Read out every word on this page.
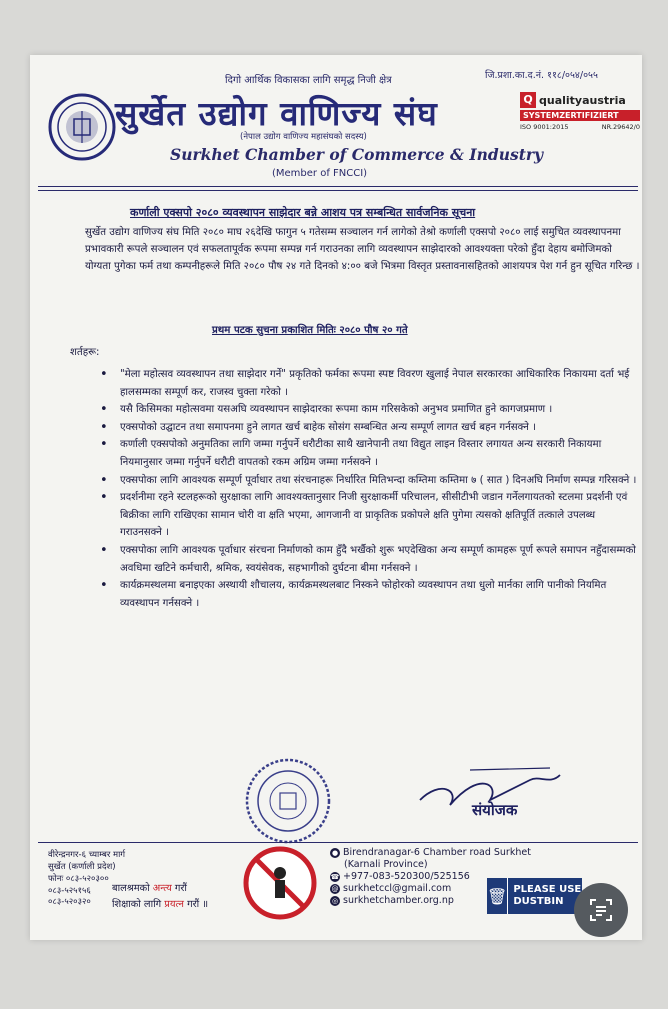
दिगो आर्थिक विकासका लागि समृद्ध निजी क्षेत्र	जि.प्रशा.का.द.नं. ११८/०५४/०५५
सुर्खेत उद्योग वाणिज्य संघ
(नेपाल उद्योग वाणिज्य महासंघको सदस्य)
Surkhet Chamber of Commerce & Industry
(Member of FNCCI)
Q qualityaustria
SYSTEMZERTIFIZIERT
ISO 9001:2015	NR.29642/0
कर्णाली एक्सपो २०८० व्यवस्थापन साझेदार बन्ने आशय पत्र सम्बन्धित सार्वजनिक सूचना
सुर्खेत उद्योग वाणिज्य संघ मिति २०८० माघ २६देखि फागुन ५ गतेसम्म सञ्चालन गर्न लागेको तेश्रो कर्णाली एक्सपो २०८० लाई समुचित व्यवस्थापनमा प्रभावकारी रूपले सञ्चालन एवं सफलतापूर्वक रूपमा सम्पन्न गर्न गराउनका लागि व्यवस्थापन साझेदारको आवश्यक्ता परेको हुँदा देहाय बमोजिमको योग्यता पुगेका फर्म तथा कम्पनीहरूले मिति २०८० पौष २४ गते दिनको ४:०० बजे भित्रमा विस्तृत प्रस्तावनासहितको आशयपत्र पेश गर्न हुन सूचित गरिन्छ ।
प्रथम पटक सुचना प्रकाशित मितिः २०८० पौष २० गते
शर्तहरू:
• "मेला महोत्सव व्यवस्थापन तथा साझेदार गर्ने" प्रकृतिको फर्मका रूपमा स्पष्ट विवरण खुलाई नेपाल सरकारका आधिकारिक निकायमा दर्ता भई हालसम्मका सम्पूर्ण कर, राजस्व चुक्ता गरेको ।
• यसै किसिमका महोत्सवमा यसअघि व्यवस्थापन साझेदारका रूपमा काम गरिसकेको अनुभव प्रमाणित हुने कागजप्रमाण ।
• एक्सपोको उद्घाटन तथा समापनमा हुने लागत खर्च बाहेक सोसंग सम्बन्धित अन्य सम्पूर्ण लागत खर्च बहन गर्नसक्ने ।
• कर्णाली एक्सपोको अनुमतिका लागि जम्मा गर्नुपर्ने धरौटीका साथै खानेपानी तथा विद्युत लाइन विस्तार लगायत अन्य सरकारी निकायमा नियमानुसार जम्मा गर्नुपर्ने धरौटी वापतको रकम अग्रिम जम्मा गर्नसक्ने ।
• एक्सपोका लागि आवश्यक सम्पूर्ण पूर्वाधार तथा संरचनाहरू निर्धारित मितिभन्दा कम्तिमा कम्तिमा ७ ( सात ) दिनअघि निर्माण सम्पन्न गरिसक्ने ।
• प्रदर्शनीमा रहने स्टलहरूको सुरक्षाका लागि आवश्यक्तानुसार निजी सुरक्षाकर्मी परिचालन, सीसीटीभी जडान गर्नेलगायतको स्टलमा प्रदर्शनी एवं बिक्रीका लागि राखिएका सामान चोरी वा क्षति भएमा, आगजानी वा प्राकृतिक प्रकोपले क्षति पुगेमा त्यसको क्षतिपूर्ति तत्काले उपलब्ध गराउनसक्ने ।
• एक्सपोका लागि आवश्यक पूर्वाधार संरचना निर्माणको काम हुँदै भर्खैको शुरू भएदेखिका अन्य सम्पूर्ण कामहरू पूर्ण रूपले समापन नहुँदासम्मको अवधिमा खटिने कर्मचारी, श्रमिक, स्वयंसेवक, सहभागीको दुर्घटना बीमा गर्नसक्ने ।
• कार्यक्रमस्थलमा बनाइएका अस्थायी शौचालय, कार्यक्रमस्थलबाट निस्कने फोहोरको व्यवस्थापन तथा धुलो मार्नका लागि पानीको नियमित व्यवस्थापन गर्नसक्ने ।
संयोजक
वीरेन्द्रनगर-६ च्याम्बर मार्ग
सुर्खेत (कर्णाली प्रदेश)
फोनः ०८३-५२०३००
०८३-५२५१५६
०८३-५२०३२०
बालश्रमको अन्त्य गरौं
शिक्षाको लागि प्रयत्न गरौं ॥
● Birendranagar-6 Chamber road Surkhet
(Karnali Province)
☎ +977-083-520300/525156
@ surkhetccl@gmail.com
◎ surkhetchamber.org.np	🗑 PLEASE USE DUSTBIN
